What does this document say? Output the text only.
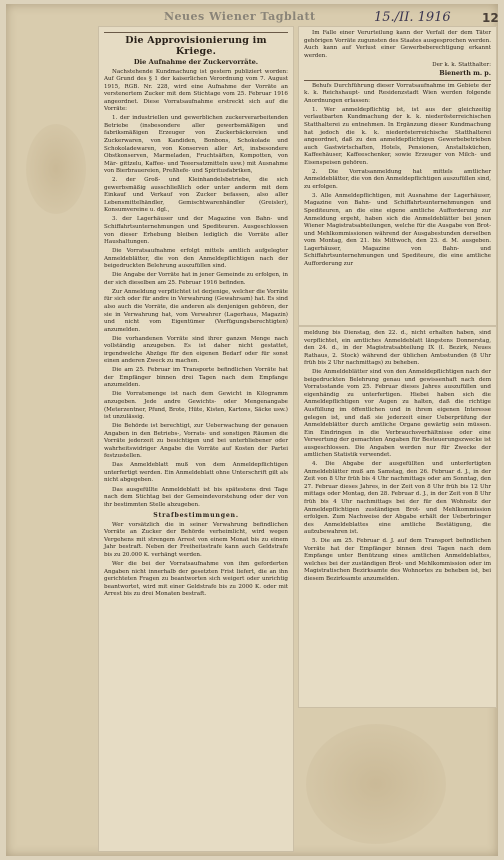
Neues Wiener Tagblatt	15./II. 1916	12
Die Approvisionierung im Kriege.
Die Aufnahme der Zuckervorräte.

Nachstehende Kundmachung ist gestern publiziert worden: Auf Grund des § 1 der kaiserlichen Verordnung vom 7. August 1915, RGB. Nr. 228, wird eine Aufnahme der Vorräte an verstenertem Zucker mit dem Stichtage vom 25. Februar 1916 angeordnet. Diese Vorratsaufnahme erstreckt sich auf die Vorräte:

1. der industriellen und gewerblichen zuckerverarbeitenden Betriebe (insbesondere aller gewerbsmäßigen und fabriksmäßigen Erzeuger von Zuckerbäckereien und Zuckerwaren, von Kandiden, Bonbons, Schokolade und Schokoladewaren, von Konserven aller Art, insbesondere Obstkonserven, Marmeladen, Fruchtsäften, Kompotten, von Mär- gittzelu, Kaffee- und Teeersatzmitteln usw.) mit Ausnahme von Bierbrauereien, Preßhefe- und Spiritusfabriken,

2. der Groß- und Kleinhandelsbetriebe, die sich gewerbsmäßig ausschließlich oder unter anderm mit dem Einkauf und Verkauf von Zucker befassen, also aller Lebensmittelhändler, Gemischtwarenhändler (Greisler), Konsumvereine u. dgl.,

3. der Lagerhäuser und der Magazine von Bahn- und Schiffahrtsunternehmungen und Spediteuren. Ausgeschlossen von dieser Erhebung bleiben lediglich die Vorräte aller Haushaltungen.

Die Vorratsaufnahme erfolgt mittels amtlich aufgelegter Anmeldeblätter, die von den Anmeldepflichtigen nach der beigedruckten Belehrung auszufüllen sind.

Die Angabe der Vorräte hat in jener Gemeinde zu erfolgen, in der sich dieselben am 25. Februar 1916 befinden.

Zur Anmeldung verpflichtet ist derjenige, welcher die Vorräte für sich oder für andre in Verwahrung (Gewahrsam) hat. Es sind also auch die Vorräte, die anderen als denjenigen gehören, der sie in Verwahrung hat, vom Verwahrer (Lagerhaus, Magazin) und nicht vom Eigentümer (Verfügungsberechtigten) anzumelden.

Die vorhandenen Vorräte sind ihrer ganzen Menge nach vollständig anzugeben. Es ist daher nicht gestattet, irgendwelche Abzüge für den eigenen Bedarf oder für sonst einen anderen Zweck zu machen.

Die am 25. Februar im Transporte befindlichen Vorräte hat der Empfänger binnen drei Tagen nach dem Empfange anzumelden.

Die Vorratsmenge ist nach dem Gewicht in Kilogramm anzugeben. Jede andre Gewichts- oder Mengenangabe (Meterzentner, Pfund, Brote, Hüte, Kisten, Kartons, Säcke usw.) ist unzulässig.

Die Behörde ist berechtigt, zur Ueberwachung der genauen Angaben in den Betriebs-, Vorrats- und sonstigen Räumen die Vorräte jederzeit zu besichtigen und bei unterbliebener oder wahrheitswidriger Angabe die Vorräte auf Kosten der Partei festzustellen.

Das Anmeldeblatt muß von dem Anmeldepflichtigen unterfertigt werden. Ein Anmeldeblatt ohne Unterschrift gilt als nicht abgegeben.

Das ausgefüllte Anmeldeblatt ist bis spätestens drei Tage nach dem Stichtag bei der Gemeindevorstehung oder der von ihr bestimmten Stelle abzugeben.

Strafbestimmungen.

Wer vorsätzlich die in seiner Verwahrung befindlichen Vorräte an Zucker der Behörde verheimlicht, wird wegen Vergehens mit strengem Arrest von einem Monat bis zu einem Jahr bestraft. Neben der Freiheitsstrafe kann auch Geldstrafe bis zu 20.000 K. verhängt werden.

Wer die bei der Vorratsaufnahme von ihm geforderten Angaben nicht innerhalb der gesetzten Frist liefert, die an ihn gerichteten Fragen zu beantworten sich weigert oder unrichtig beantwortet, wird mit einer Geldstrafe bis zu 2000 K. oder mit Arrest bis zu drei Monaten bestraft.

Im Falle einer Verurteilung kann der Verfall der dem Täter gehörigen Vorräte zugunsten des Staates ausgesprochen werden. Auch kann auf Verlust einer Gewerbeberechtigung erkannt werden.

Der k. k. Statthalter:
Bienerth m. p.

Behufs Durchführung dieser Vorratsaufnahme im Gebiete der k. k. Reichshaupt- und Residenzstadt Wien werden folgende Anordnungen erlassen:

1. Wer anmeldepflichtig ist, ist aus der gleichzeitig verlautbarten Kundmachung der k. k. niederösterreichischen Statthalterei zu entnehmen. In Ergänzung dieser Kundmachung hat jedoch die k. k. niederösterreichische Statthalterei angeordnet, daß zu den anmeldepflichtigen Gewerbebetrieben auch Gastwirtschaften, Hotels, Pensionen, Anstaltsküchen, Kaffeehäuser, Kaffeeschenker, sowie Erzeuger von Milch- und Eisenspeisen gehören.

2. Die Vorratsanmeldung hat mittels amtlicher Anmeldeblätter, die von den Anmeldepflichtigen auszufüllen sind, zu erfolgen.

3. Alle Anmeldepflichtigen, mit Ausnahme der Lagerhäuser, Magazine von Bahn- und Schiffahrtsunternehmungen und Spediteuren, an die eine eigene amtliche Aufforderung zur Anmeldung ergeht, haben sich die Anmeldeblätter bei jenen Wiener Magistratsabteilungen, welche für die Ausgabe von Brot- und Mehlkommissionen während der Ausgabestunden derselben vom Montag, den 21. bis Mittwoch, den 23. d. M. ausgeben. Lagerhäuser, Magazine von Bahn- und Schiffahrtsunternehmungen und Spediteure, die eine amtliche Aufforderung zur

meldung bis Dienstag, den 22. d., nicht erhalten haben, sind verpflichtet, ein amtliches Anmeldeblatt längstens Donnerstag, den 24. d., in der Magistratsabteilung IX (I. Bezirk, Neues Rathaus, 2. Stock) während der üblichen Amtsstunden (8 Uhr früh bis 2 Uhr nachmittags) zu beheben.

Die Anmeldeblätter sind von den Anmeldepflichtigen nach der beigedruckten Belehrung genau und gewissenhaft nach dem Vorratsstande vom 25. Februar dieses Jahres auszufüllen und eigenhändig zu unterfertigen. Hiebei haben sich die Anmeldepflichtigen vor Augen zu halten, daß die richtige Ausfüllung im öffentlichen und in ihrem eigenen Interesse gelegen ist, und daß sie jederzeit einer Ueberprüfung der Anmeldeblätter durch amtliche Organe gewärtig sein müssen. Ein Eindringen in die Verbrauchsverhältnisse oder eine Verwertung der gemachten Angaben für Besteuerungszwecke ist ausgeschlossen. Die Angaben werden nur für Zwecke der amtlichen Statistik verwendet.

4. Die Abgabe der ausgefüllten und unterfertigten Anmeldeblätter muß am Samstag, den 26. Februar d. J., in der Zeit von 8 Uhr früh bis 4 Uhr nachmittags oder am Sonntag, den 27. Februar dieses Jahres, in der Zeit von 8 Uhr früh bis 12 Uhr mittags oder Montag, den 28. Februar d. J., in der Zeit von 8 Uhr früh bis 4 Uhr nachmittags bei der für den Wohnsitz der Anmeldepflichtigen zuständigen Brot- und Mehlkommission erfolgen. Zum Nachweise der Abgabe erhält der Ueberbringer des Anmeldeblattes eine amtliche Bestätigung, die aufzubewahren ist.

5. Die am 25. Februar d. J. auf dem Transport befindlichen Vorräte hat der Empfänger binnen drei Tagen nach dem Empfange unter Benützung eines amtlichen Anmeldeblattes, welches bei der zuständigen Brot- und Mehlkommission oder im Magistratischen Bezirksamte des Wohnortes zu beheben ist, bei diesem Bezirksamte anzumelden.
